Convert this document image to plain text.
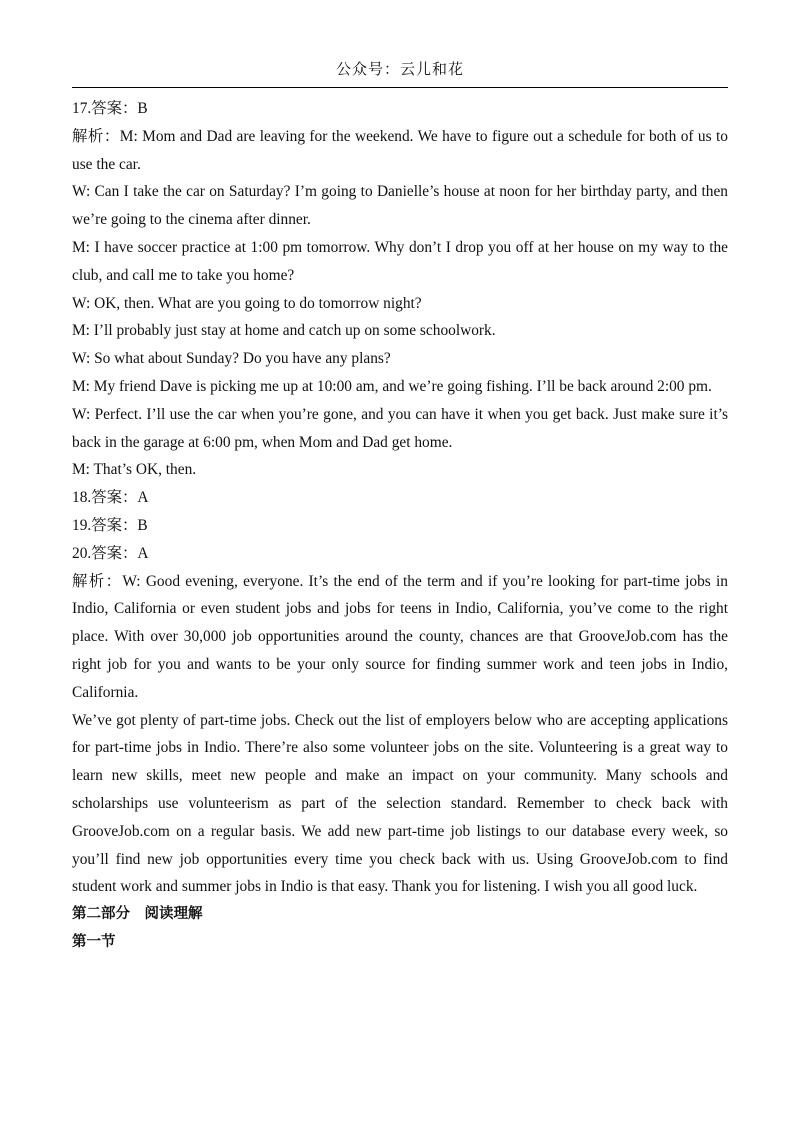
公众号：云儿和花

17.答案：B

解析：M: Mom and Dad are leaving for the weekend. We have to figure out a schedule for both of us to use the car.

W: Can I take the car on Saturday? I’m going to Danielle’s house at noon for her birthday party, and then we’re going to the cinema after dinner.

M: I have soccer practice at 1:00 pm tomorrow. Why don’t I drop you off at her house on my way to the club, and call me to take you home?

W: OK, then. What are you going to do tomorrow night?

M: I’ll probably just stay at home and catch up on some schoolwork.

W: So what about Sunday? Do you have any plans?

M: My friend Dave is picking me up at 10:00 am, and we’re going fishing. I’ll be back around 2:00 pm.

W: Perfect. I’ll use the car when you’re gone, and you can have it when you get back. Just make sure it’s back in the garage at 6:00 pm, when Mom and Dad get home.

M: That’s OK, then.

18.答案：A

19.答案：B

20.答案：A

解析：W: Good evening, everyone. It’s the end of the term and if you’re looking for part-time jobs in Indio, California or even student jobs and jobs for teens in Indio, California, you’ve come to the right place. With over 30,000 job opportunities around the county, chances are that GrooveJob.com has the right job for you and wants to be your only source for finding summer work and teen jobs in Indio, California.

We’ve got plenty of part-time jobs. Check out the list of employers below who are accepting applications for part-time jobs in Indio. There’re also some volunteer jobs on the site. Volunteering is a great way to learn new skills, meet new people and make an impact on your community. Many schools and scholarships use volunteerism as part of the selection standard. Remember to check back with GrooveJob.com on a regular basis. We add new part-time job listings to our database every week, so you’ll find new job opportunities every time you check back with us. Using GrooveJob.com to find student work and summer jobs in Indio is that easy. Thank you for listening. I wish you all good luck.

第二部分　阅读理解

第一节
